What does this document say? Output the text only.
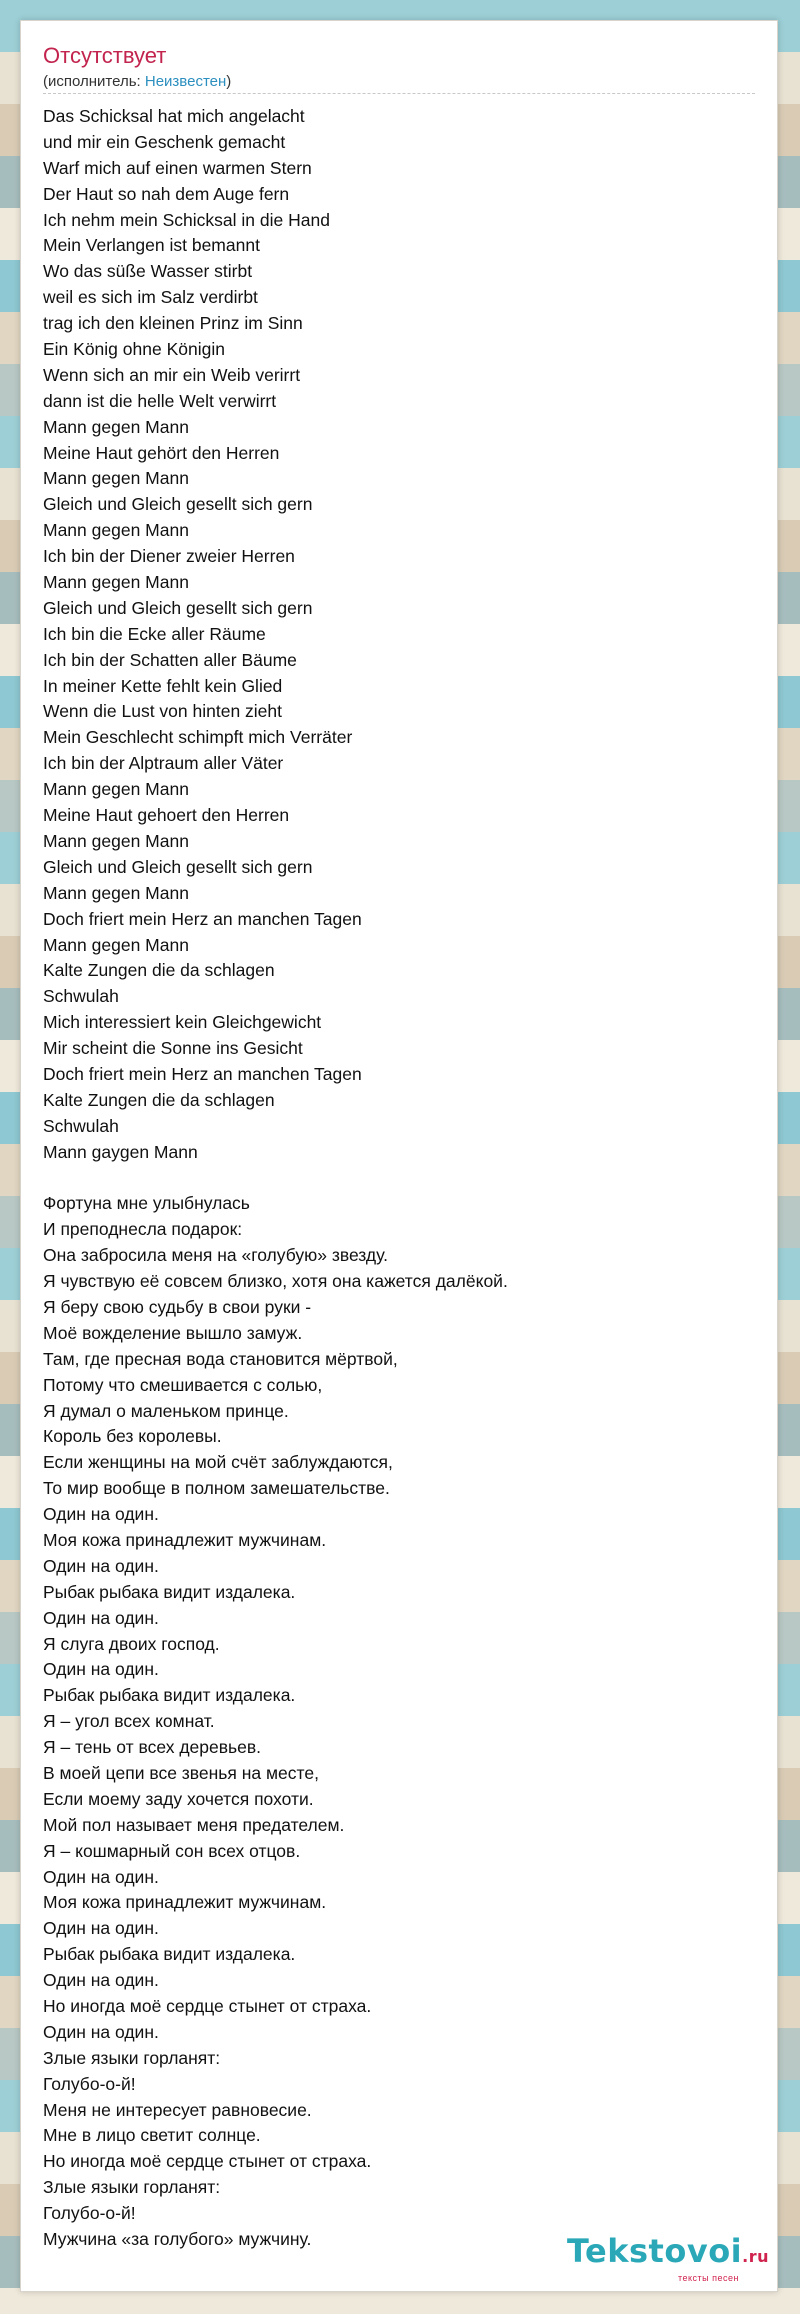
Отсутствует
(исполнитель: Неизвестен)
Das Schicksal hat mich angelacht
und mir ein Geschenk gemacht
Warf mich auf einen warmen Stern
Der Haut so nah dem Auge fern
Ich nehm mein Schicksal in die Hand
Mein Verlangen ist bemannt
Wo das süße Wasser stirbt
weil es sich im Salz verdirbt
trag ich den kleinen Prinz im Sinn
Ein König ohne Königin
Wenn sich an mir ein Weib verirrt
dann ist die helle Welt verwirrt
Mann gegen Mann
Meine Haut gehört den Herren
Mann gegen Mann
Gleich und Gleich gesellt sich gern
Mann gegen Mann
Ich bin der Diener zweier Herren
Mann gegen Mann
Gleich und Gleich gesellt sich gern
Ich bin die Ecke aller Räume
Ich bin der Schatten aller Bäume
In meiner Kette fehlt kein Glied
Wenn die Lust von hinten zieht
Mein Geschlecht schimpft mich Verräter
Ich bin der Alptraum aller Väter
Mann gegen Mann
Meine Haut gehoert den Herren
Mann gegen Mann
Gleich und Gleich gesellt sich gern
Mann gegen Mann
Doch friert mein Herz an manchen Tagen
Mann gegen Mann
Kalte Zungen die da schlagen
Schwulah
Mich interessiert kein Gleichgewicht
Mir scheint die Sonne ins Gesicht
Doch friert mein Herz an manchen Tagen
Kalte Zungen die da schlagen
Schwulah
Mann gaygen Mann
Фортуна мне улыбнулась
И преподнесла подарок:
Она забросила меня на «голубую» звезду.
Я чувствую её совсем близко, хотя она кажется далёкой.
Я беру свою судьбу в свои руки -
Моё вожделение вышло замуж.
Там, где пресная вода становится мёртвой,
Потому что смешивается с солью,
Я думал о маленьком принце.
Король без королевы.
Если женщины на мой счёт заблуждаются,
То мир вообще в полном замешательстве.
Один на один.
Моя кожа принадлежит мужчинам.
Один на один.
Рыбак рыбака видит издалека.
Один на один.
Я слуга двоих господ.
Один на один.
Рыбак рыбака видит издалека.
Я – угол всех комнат.
Я – тень от всех деревьев.
В моей цепи все звенья на месте,
Если моему заду хочется похоти.
Мой пол называет меня предателем.
Я – кошмарный сон всех отцов.
Один на один.
Моя кожа принадлежит мужчинам.
Один на один.
Рыбак рыбака видит издалека.
Один на один.
Но иногда моё сердце стынет от страха.
Один на один.
Злые языки горланят:
Голубо-о-й!
Меня не интересует равновесие.
Мне в лицо светит солнце.
Но иногда моё сердце стынет от страха.
Злые языки горланят:
Голубо-о-й!
Мужчина «за голубого» мужчину.	Tekstovoi.ru
тексты песен
